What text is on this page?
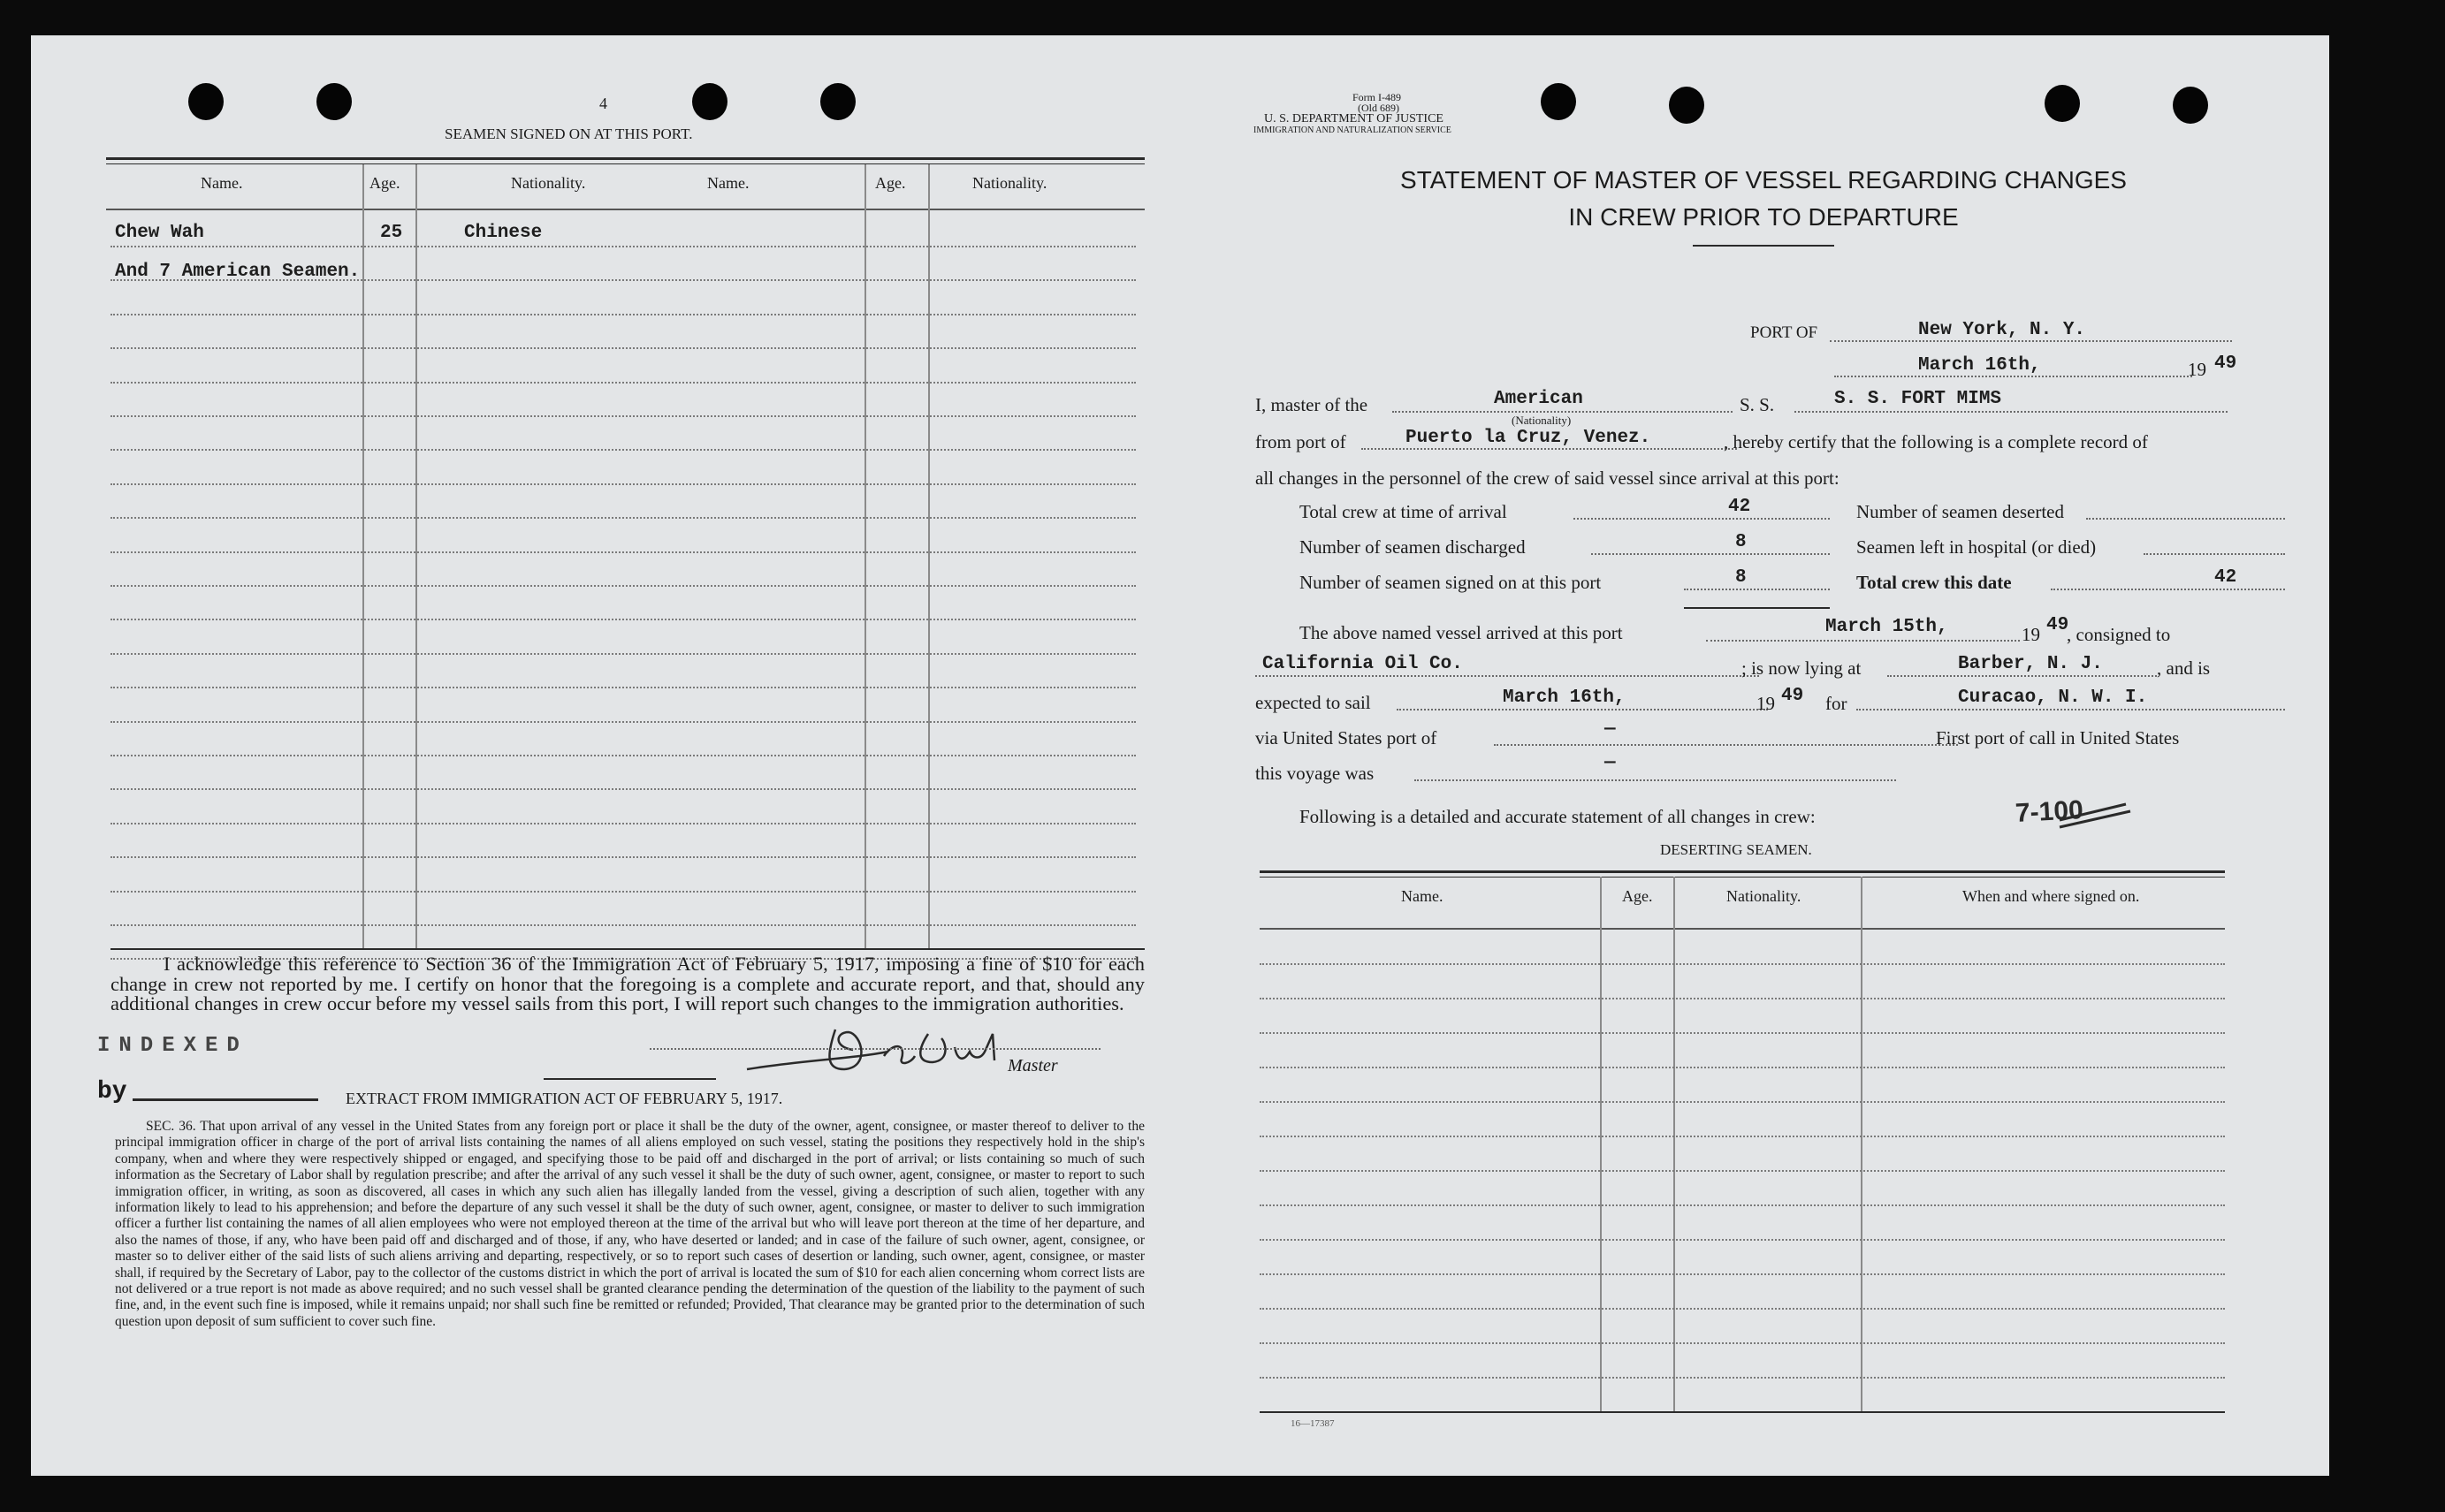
4
SEAMEN SIGNED ON AT THIS PORT.
Name.	Age.	Nationality.	Name.	Age.	Nationality.
Chew Wah	25	Chinese
And 7 American Seamen.
I acknowledge this reference to Section 36 of the Immigration Act of February 5, 1917, imposing a fine of $10 for each change in crew not reported by me. I certify on honor that the foregoing is a complete and accurate report, and that, should any additional changes in crew occur before my vessel sails from this port, I will report such changes to the immigration authorities.
INDEXED
Master
by	EXTRACT FROM IMMIGRATION ACT OF FEBRUARY 5, 1917.
SEC. 36. That upon arrival of any vessel in the United States from any foreign port or place it shall be the duty of the owner, agent, consignee, or master thereof to deliver to the principal immigration officer in charge of the port of arrival lists containing the names of all aliens employed on such vessel, stating the positions they respectively hold in the ship's company, when and where they were respectively shipped or engaged, and specifying those to be paid off and discharged in the port of arrival; or lists containing so much of such information as the Secretary of Labor shall by regulation prescribe; and after the arrival of any such vessel it shall be the duty of such owner, agent, consignee, or master to report to such immigration officer, in writing, as soon as discovered, all cases in which any such alien has illegally landed from the vessel, giving a description of such alien, together with any information likely to lead to his apprehension; and before the departure of any such vessel it shall be the duty of such owner, agent, consignee, or master to deliver to such immigration officer a further list containing the names of all alien employees who were not employed thereon at the time of the arrival but who will leave port thereon at the time of her departure, and also the names of those, if any, who have been paid off and discharged and of those, if any, who have deserted or landed; and in case of the failure of such owner, agent, consignee, or master so to deliver either of the said lists of such aliens arriving and departing, respectively, or so to report such cases of desertion or landing, such owner, agent, consignee, or master shall, if required by the Secretary of Labor, pay to the collector of the customs district in which the port of arrival is located the sum of $10 for each alien concerning whom correct lists are not delivered or a true report is not made as above required; and no such vessel shall be granted clearance pending the determination of the question of the liability to the payment of such fine, and, in the event such fine is imposed, while it remains unpaid; nor shall such fine be remitted or refunded; Provided, That clearance may be granted prior to the determination of such question upon deposit of sum sufficient to cover such fine.
Form I-489
(Old 689)
U. S. DEPARTMENT OF JUSTICE
IMMIGRATION AND NATURALIZATION SERVICE
STATEMENT OF MASTER OF VESSEL REGARDING CHANGES
IN CREW PRIOR TO DEPARTURE
PORT OF	New York, N. Y.
March 16th,	19 49
I, master of the	American
(Nationality)
S. S.	S. S. FORT MIMS
from port of	Puerto la Cruz, Venez.	, hereby certify that the following is a complete record of
all changes in the personnel of the crew of said vessel since arrival at this port:
Total crew at time of arrival	42	Number of seamen deserted
Number of seamen discharged	8	Seamen left in hospital (or died)
Number of seamen signed on at this port	8	Total crew this date	42
The above named vessel arrived at this port	March 15th,	19 49
, consigned to
California Oil Co.	; is now lying at	Barber, N. J.	, and is
expected to sail	March 16th,	19 49 for	Curacao, N. W. I.
via United States port of	—	First port of call in United States
this voyage was	—
Following is a detailed and accurate statement of all changes in crew:	7-100
DESERTING SEAMEN.
Name.	Age.	Nationality.	When and where signed on.
16—17387
